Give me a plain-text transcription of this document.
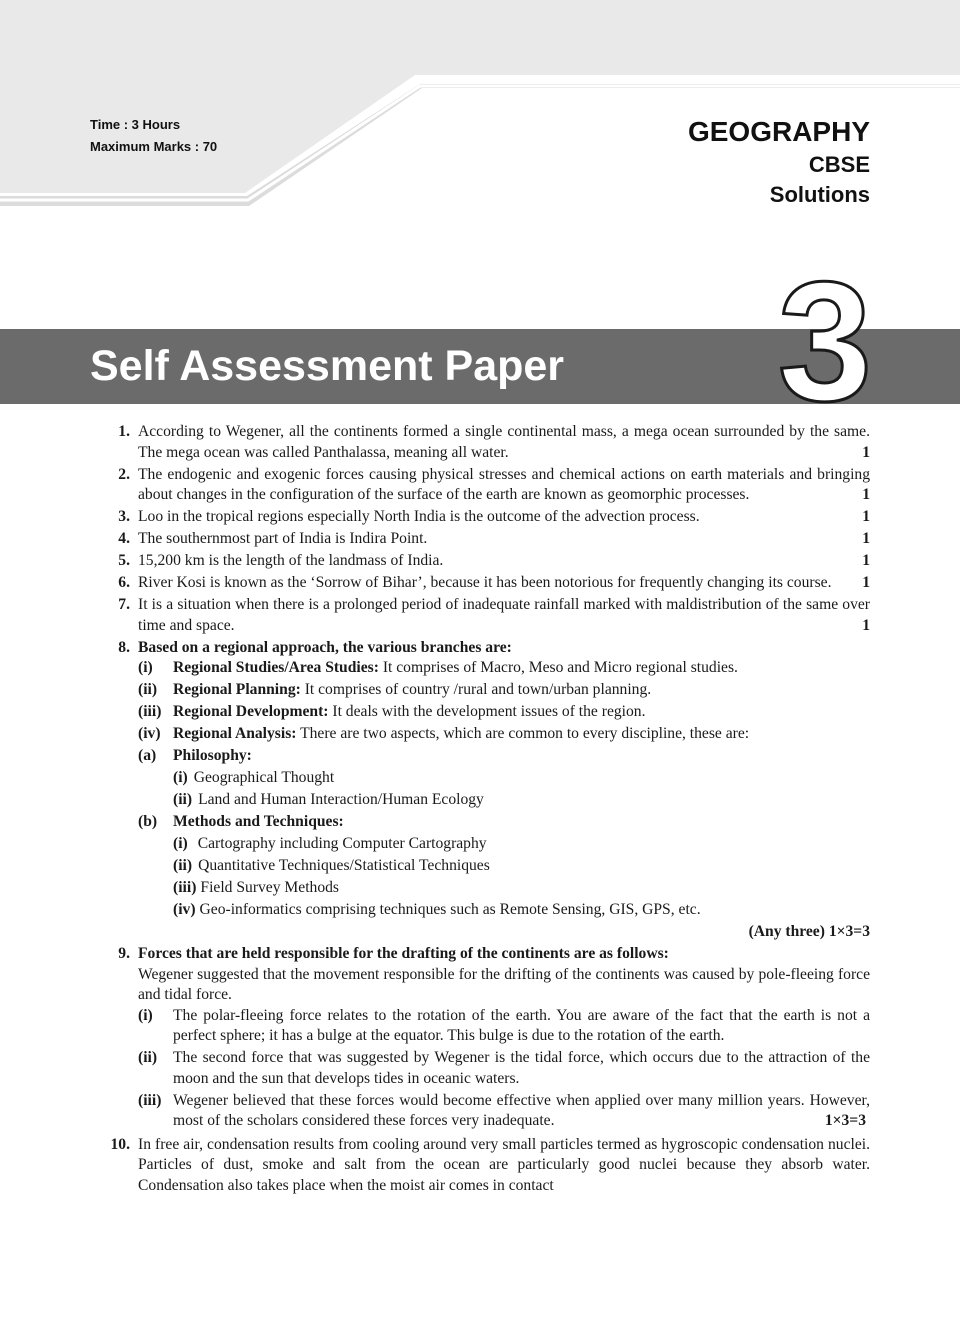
Time : 3 Hours
Maximum Marks : 70	GEOGRAPHY
CBSE
Solutions
Self Assessment Paper 3
1. According to Wegener, all the continents formed a single continental mass, a mega ocean surrounded by the same. The mega ocean was called Panthalassa, meaning all water.	1
2. The endogenic and exogenic forces causing physical stresses and chemical actions on earth materials and bringing about changes in the configuration of the surface of the earth are known as geomorphic processes.	1
3. Loo in the tropical regions especially North India is the outcome of the advection process.	1
4. The southernmost part of India is Indira Point.	1
5. 15,200 km is the length of the landmass of India.	1
6. River Kosi is known as the ‘Sorrow of Bihar’, because it has been notorious for frequently changing its course. 1
7. It is a situation when there is a prolonged period of inadequate rainfall marked with maldistribution of the same over time and space.	1
8. Based on a regional approach, the various branches are:
(i)	Regional Studies/Area Studies: It comprises of Macro, Meso and Micro regional studies.
(ii)	Regional Planning: It comprises of country /rural and town/urban planning.
(iii) Regional Development: It deals with the development issues of the region.
(iv) Regional Analysis: There are two aspects, which are common to every discipline, these are:
(a)	Philosophy:
(i) Geographical Thought
(ii) Land and Human Interaction/Human Ecology
(b)	Methods and Techniques:
(i) Cartography including Computer Cartography
(ii) Quantitative Techniques/Statistical Techniques
(iii) Field Survey Methods
(iv) Geo-informatics comprising techniques such as Remote Sensing, GIS, GPS, etc.
(Any three) 1×3=3
9. Forces that are held responsible for the drafting of the continents are as follows:
Wegener suggested that the movement responsible for the drifting of the continents was caused by pole-fleeing force and tidal force.
(i)	The polar-fleeing force relates to the rotation of the earth. You are aware of the fact that the earth is not a perfect sphere; it has a bulge at the equator. This bulge is due to the rotation of the earth.
(ii)	The second force that was suggested by Wegener is the tidal force, which occurs due to the attraction of the moon and the sun that develops tides in oceanic waters.
(iii) Wegener believed that these forces would become effective when applied over many million years. However, most of the scholars considered these forces very inadequate.	1×3=3
10. In free air, condensation results from cooling around very small particles termed as hygroscopic condensation nuclei. Particles of dust, smoke and salt from the ocean are particularly good nuclei because they absorb water. Condensation also takes place when the moist air comes in contact
